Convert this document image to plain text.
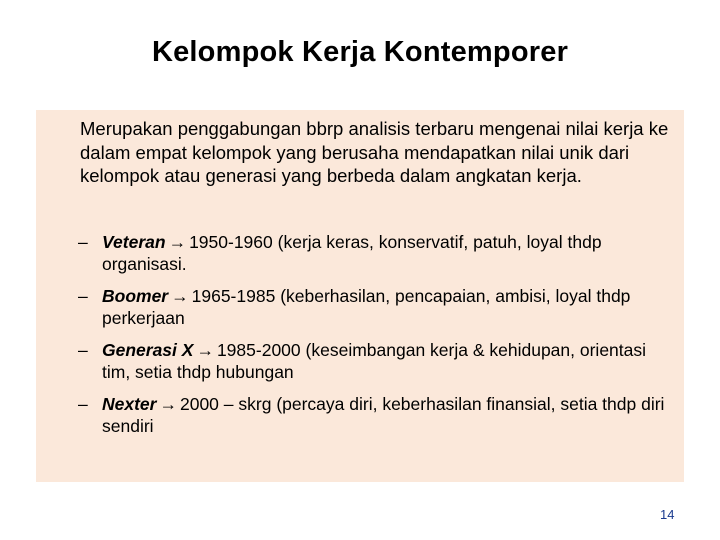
Kelompok Kerja Kontemporer
Merupakan penggabungan bbrp analisis terbaru mengenai nilai kerja ke dalam empat kelompok yang berusaha mendapatkan nilai unik dari kelompok atau generasi yang berbeda dalam angkatan kerja.
– Veteran → 1950-1960 (kerja keras, konservatif, patuh, loyal thdp organisasi.
– Boomer → 1965-1985 (keberhasilan, pencapaian, ambisi, loyal thdp perkerjaan
– Generasi X → 1985-2000 (keseimbangan kerja & kehidupan, orientasi tim, setia thdp hubungan
– Nexter → 2000 – skrg (percaya diri, keberhasilan finansial, setia thdp diri sendiri
14
